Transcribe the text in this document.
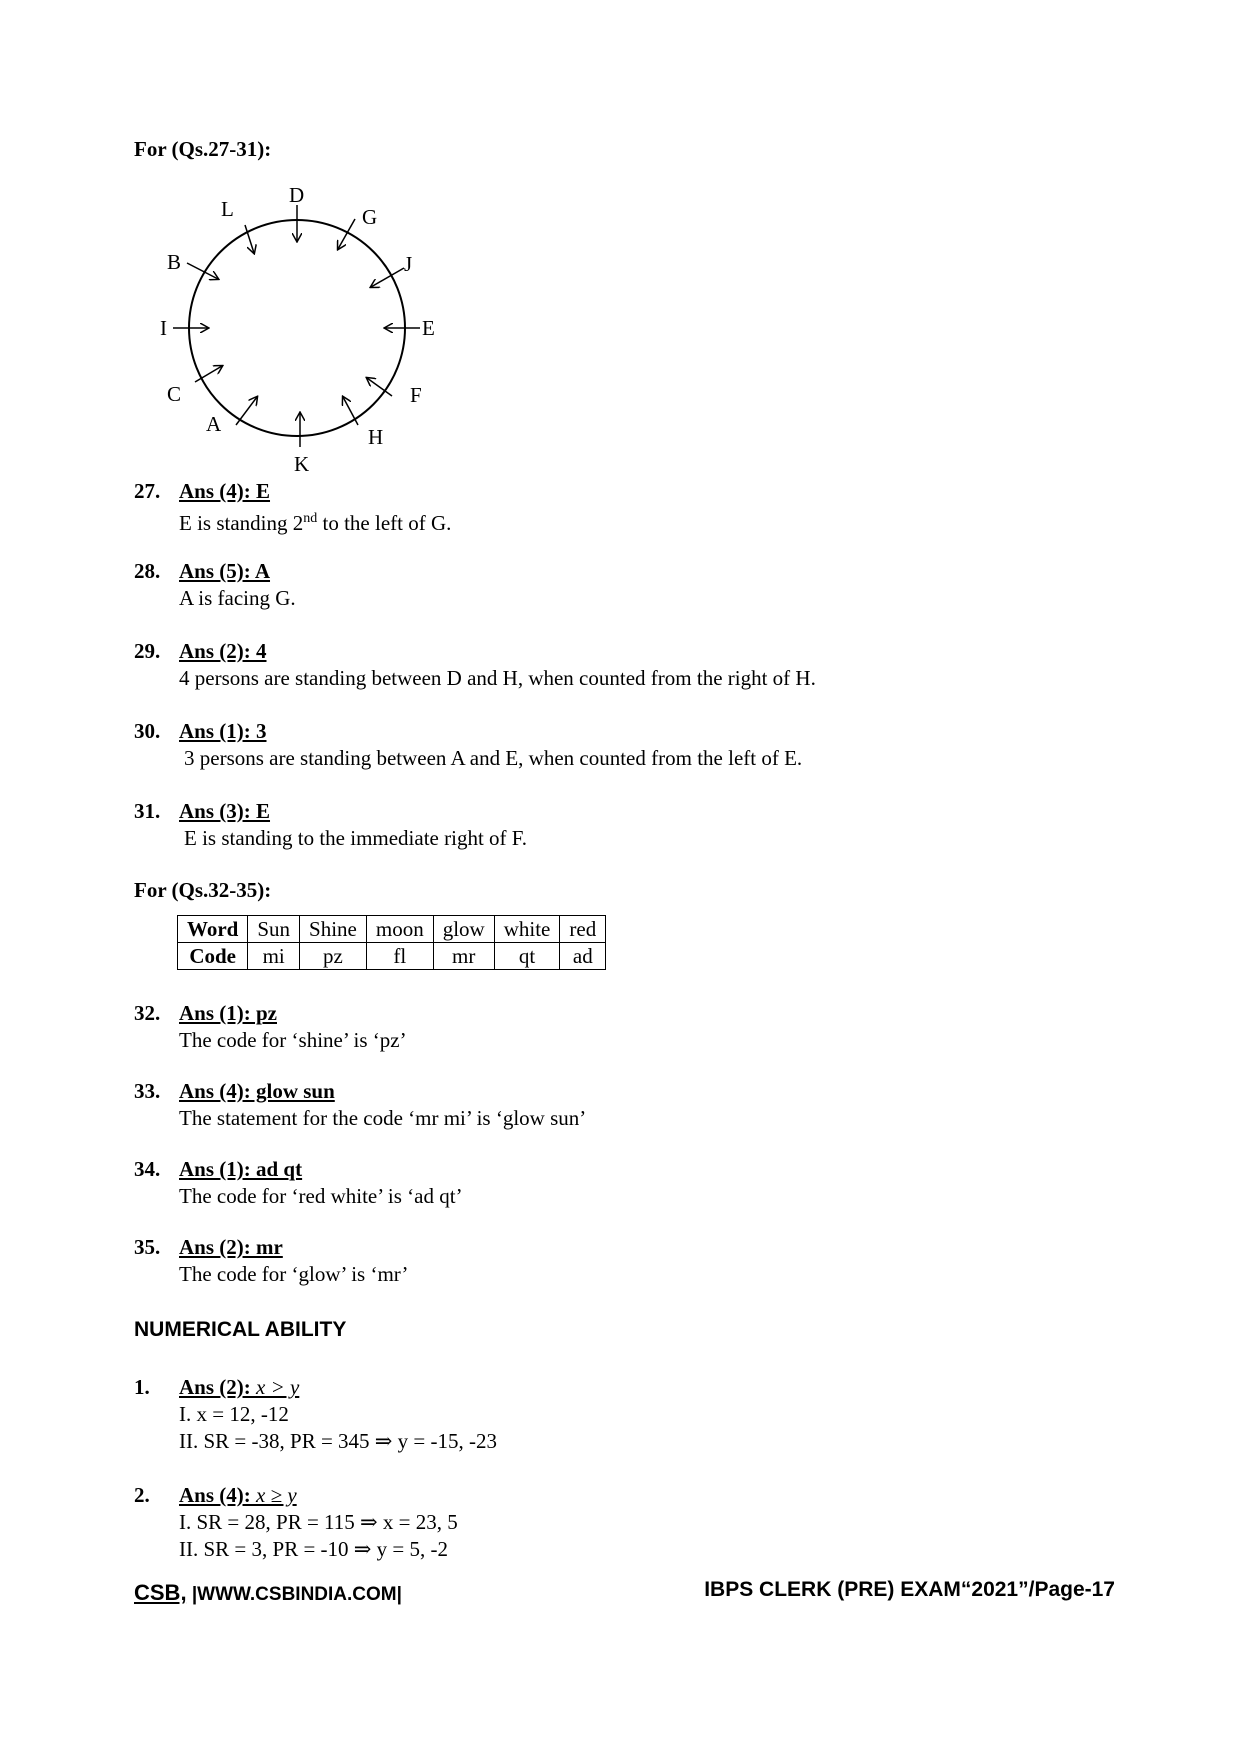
For (Qs.27-31):
D
G
J
E
F
H
K
A
C
I
B
L
27. Ans (4): E
E is standing 2nd to the left of G.
28. Ans (5): A
A is facing G.
29. Ans (2): 4
4 persons are standing between D and H, when counted from the right of H.
30. Ans (1): 3
3 persons are standing between A and E, when counted from the left of E.
31. Ans (3): E
E is standing to the immediate right of F.
For (Qs.32-35):
Word	Sun	Shine	moon	glow	white	red
Code	mi	pz	fl	mr	qt	ad
32. Ans (1): pz
The code for ‘shine’ is ‘pz’
33. Ans (4): glow sun
The statement for the code ‘mr mi’ is ‘glow sun’
34. Ans (1): ad qt
The code for ‘red white’ is ‘ad qt’
35. Ans (2): mr
The code for ‘glow’ is ‘mr’
NUMERICAL ABILITY
1. Ans (2): x > y
I. x = 12, -12
II. SR = -38, PR = 345 ⇒ y = -15, -23
2. Ans (4): x ≥ y
I. SR = 28, PR = 115 ⇒ x = 23, 5
II. SR = 3, PR = -10 ⇒ y = 5, -2
CSB, |WWW.CSBINDIA.COM|	IBPS CLERK (PRE) EXAM“2021”/Page-17
